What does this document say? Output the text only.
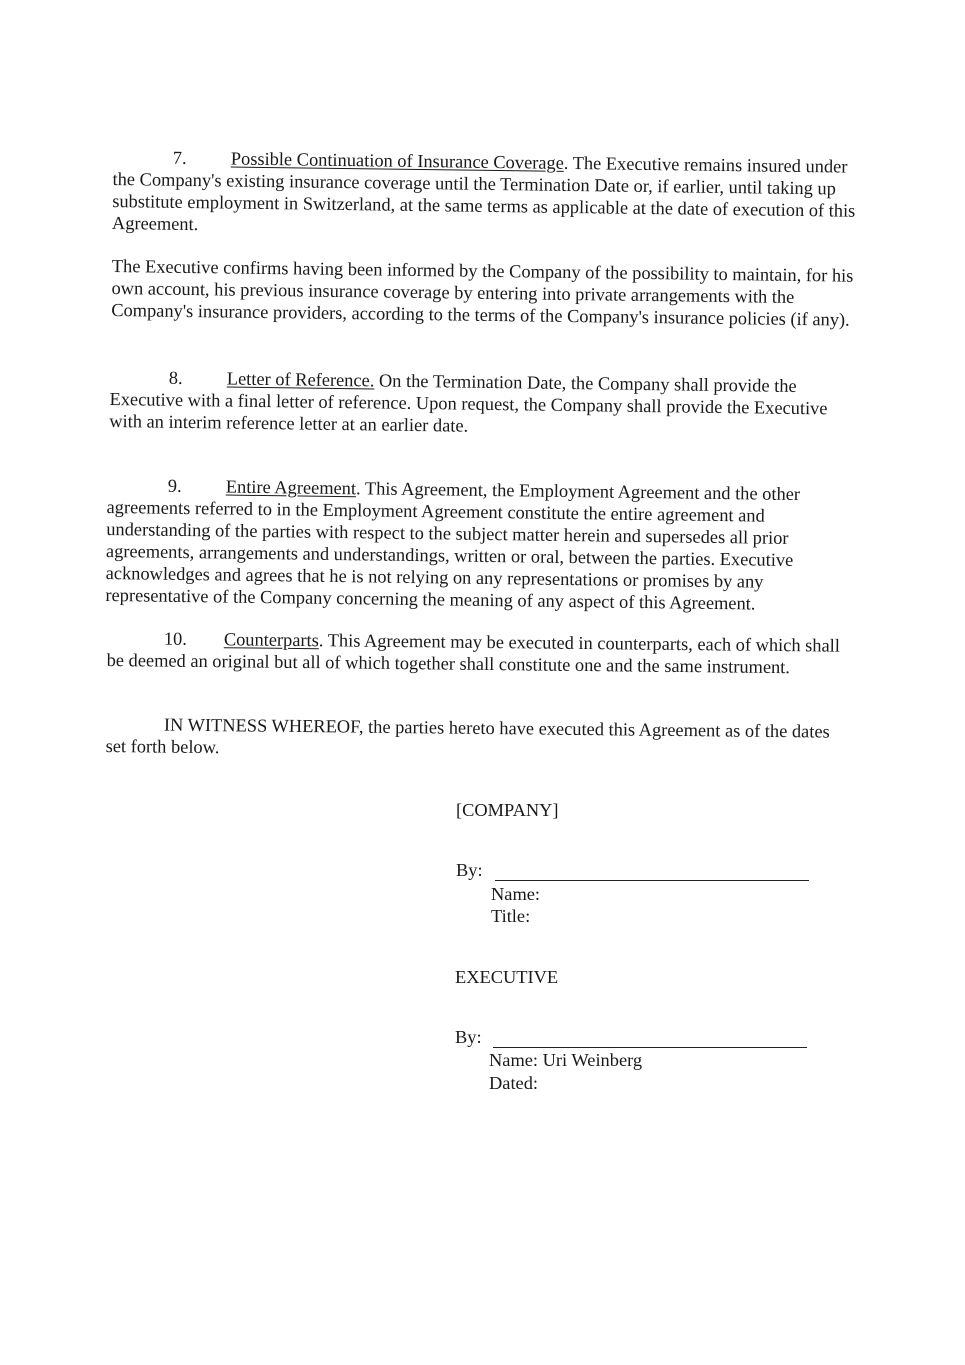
7. Possible Continuation of Insurance Coverage. The Executive remains insured under the Company's existing insurance coverage until the Termination Date or, if earlier, until taking up substitute employment in Switzerland, at the same terms as applicable at the date of execution of this Agreement.

The Executive confirms having been informed by the Company of the possibility to maintain, for his own account, his previous insurance coverage by entering into private arrangements with the Company's insurance providers, according to the terms of the Company's insurance policies (if any).

8. Letter of Reference. On the Termination Date, the Company shall provide the Executive with a final letter of reference. Upon request, the Company shall provide the Executive with an interim reference letter at an earlier date.

9. Entire Agreement. This Agreement, the Employment Agreement and the other agreements referred to in the Employment Agreement constitute the entire agreement and understanding of the parties with respect to the subject matter herein and supersedes all prior agreements, arrangements and understandings, written or oral, between the parties. Executive acknowledges and agrees that he is not relying on any representations or promises by any representative of the Company concerning the meaning of any aspect of this Agreement.

10. Counterparts. This Agreement may be executed in counterparts, each of which shall be deemed an original but all of which together shall constitute one and the same instrument.

IN WITNESS WHEREOF, the parties hereto have executed this Agreement as of the dates set forth below.

[COMPANY]
By:
Name:
Title:
EXECUTIVE
By:
Name: Uri Weinberg
Dated:
